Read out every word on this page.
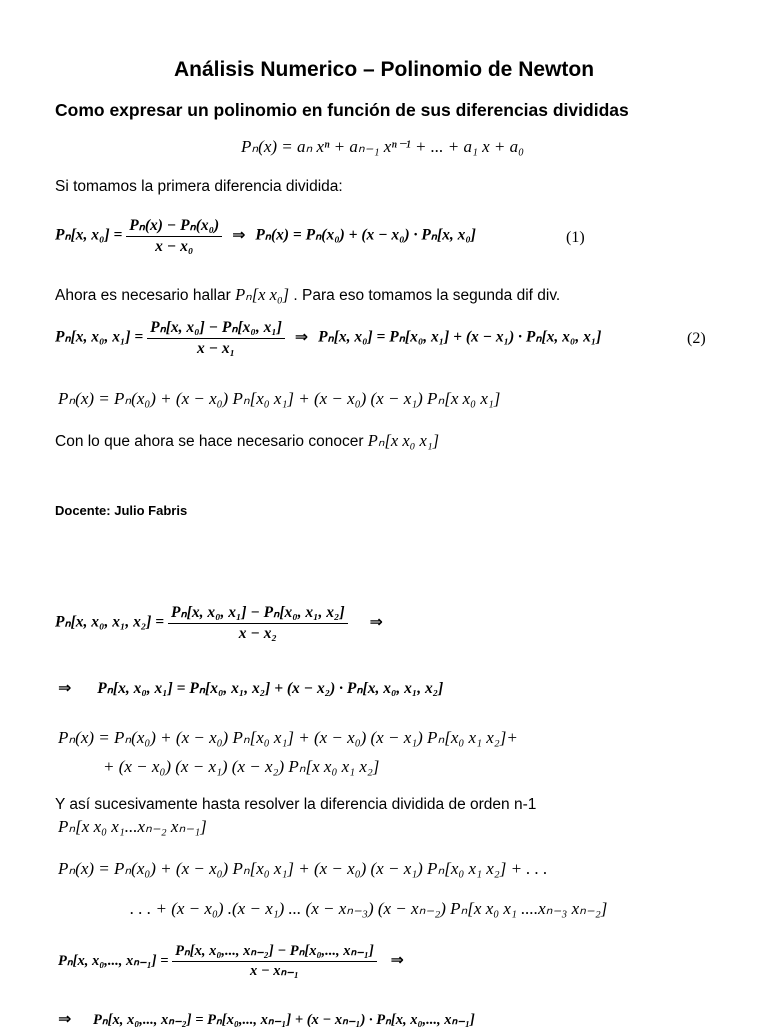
Análisis Numerico – Polinomio de Newton
Como expresar un polinomio en función de sus diferencias divididas
Pₙ(x) = aₙ xⁿ + aₙ₋₁ xⁿ⁻¹ + ... + a₁ x + a₀
Si tomamos la primera diferencia dividida:
Pₙ[x, $x_0] = \frac{\text{Pₙ(x) − Pₙ(x₀)}}{\text{x − x₀}}$ ⇒ Pₙ(x) = Pₙ(x₀) + (x − x₀) · Pₙ[x, x₀]	(1)
Ahora es necesario hallar Pₙ[x x₀] . Para eso tomamos la segunda dif div.
Pₙ[x, x₀, $x_1] = \frac{\text{Pₙ[x, x₀] − Pₙ[x₀, x₁]}}{\text{x − x₁}}$ ⇒ Pₙ[x, x₀] = Pₙ[x₀, x₁] + (x − x₁) · Pₙ[x, x₀, x₁]	(2)
Pₙ(x) = Pₙ(x₀) + (x − x₀) Pₙ[x₀ x₁] + (x − x₀) (x − x₁) Pₙ[x x₀ x₁]
Con lo que ahora se hace necesario conocer Pₙ[x x₀ x₁]
Docente: Julio Fabris
Pₙ[x, x₀, x₁, $x_2] = \frac{\text{Pₙ[x, x₀, x₁] − Pₙ[x₀, x₁, x₂]}}{\text{x − x₂}}$ ⇒
⇒ Pₙ[x, x₀, x₁] = Pₙ[x₀, x₁, x₂] + (x − x₂) · Pₙ[x, x₀, x₁, x₂]
Pₙ(x) = Pₙ(x₀) + (x − x₀) Pₙ[x₀ x₁] + (x − x₀) (x − x₁) Pₙ[x₀ x₁ x₂]+
+ (x − x₀) (x − x₁) (x − x₂) Pₙ[x x₀ x₁ x₂]
Y así sucesivamente hasta resolver la diferencia dividida de orden n-1
Pₙ[x x₀ x₁...xₙ₋₂ xₙ₋₁]
Pₙ(x) = Pₙ(x₀) + (x − x₀) Pₙ[x₀ x₁] + (x − x₀) (x − x₁) Pₙ[x₀ x₁ x₂] + . . .
. . . + (x − x₀) .(x − x₁) ... (x − xₙ₋₃) (x − xₙ₋₂) Pₙ[x x₀ x₁ ....xₙ₋₃ xₙ₋₂]
Pₙ[x, x₀,..., $x_{n-1}] = \frac{\text{Pₙ[x, x₀,..., xₙ₋₂] − Pₙ[x₀,..., xₙ₋₁]}}{\text{x − xₙ₋₁}}$ ⇒
⇒ Pₙ[x, x₀,..., xₙ₋₂] = Pₙ[x₀,..., xₙ₋₁] + (x − xₙ₋₁) · Pₙ[x, x₀,..., xₙ₋₁]
